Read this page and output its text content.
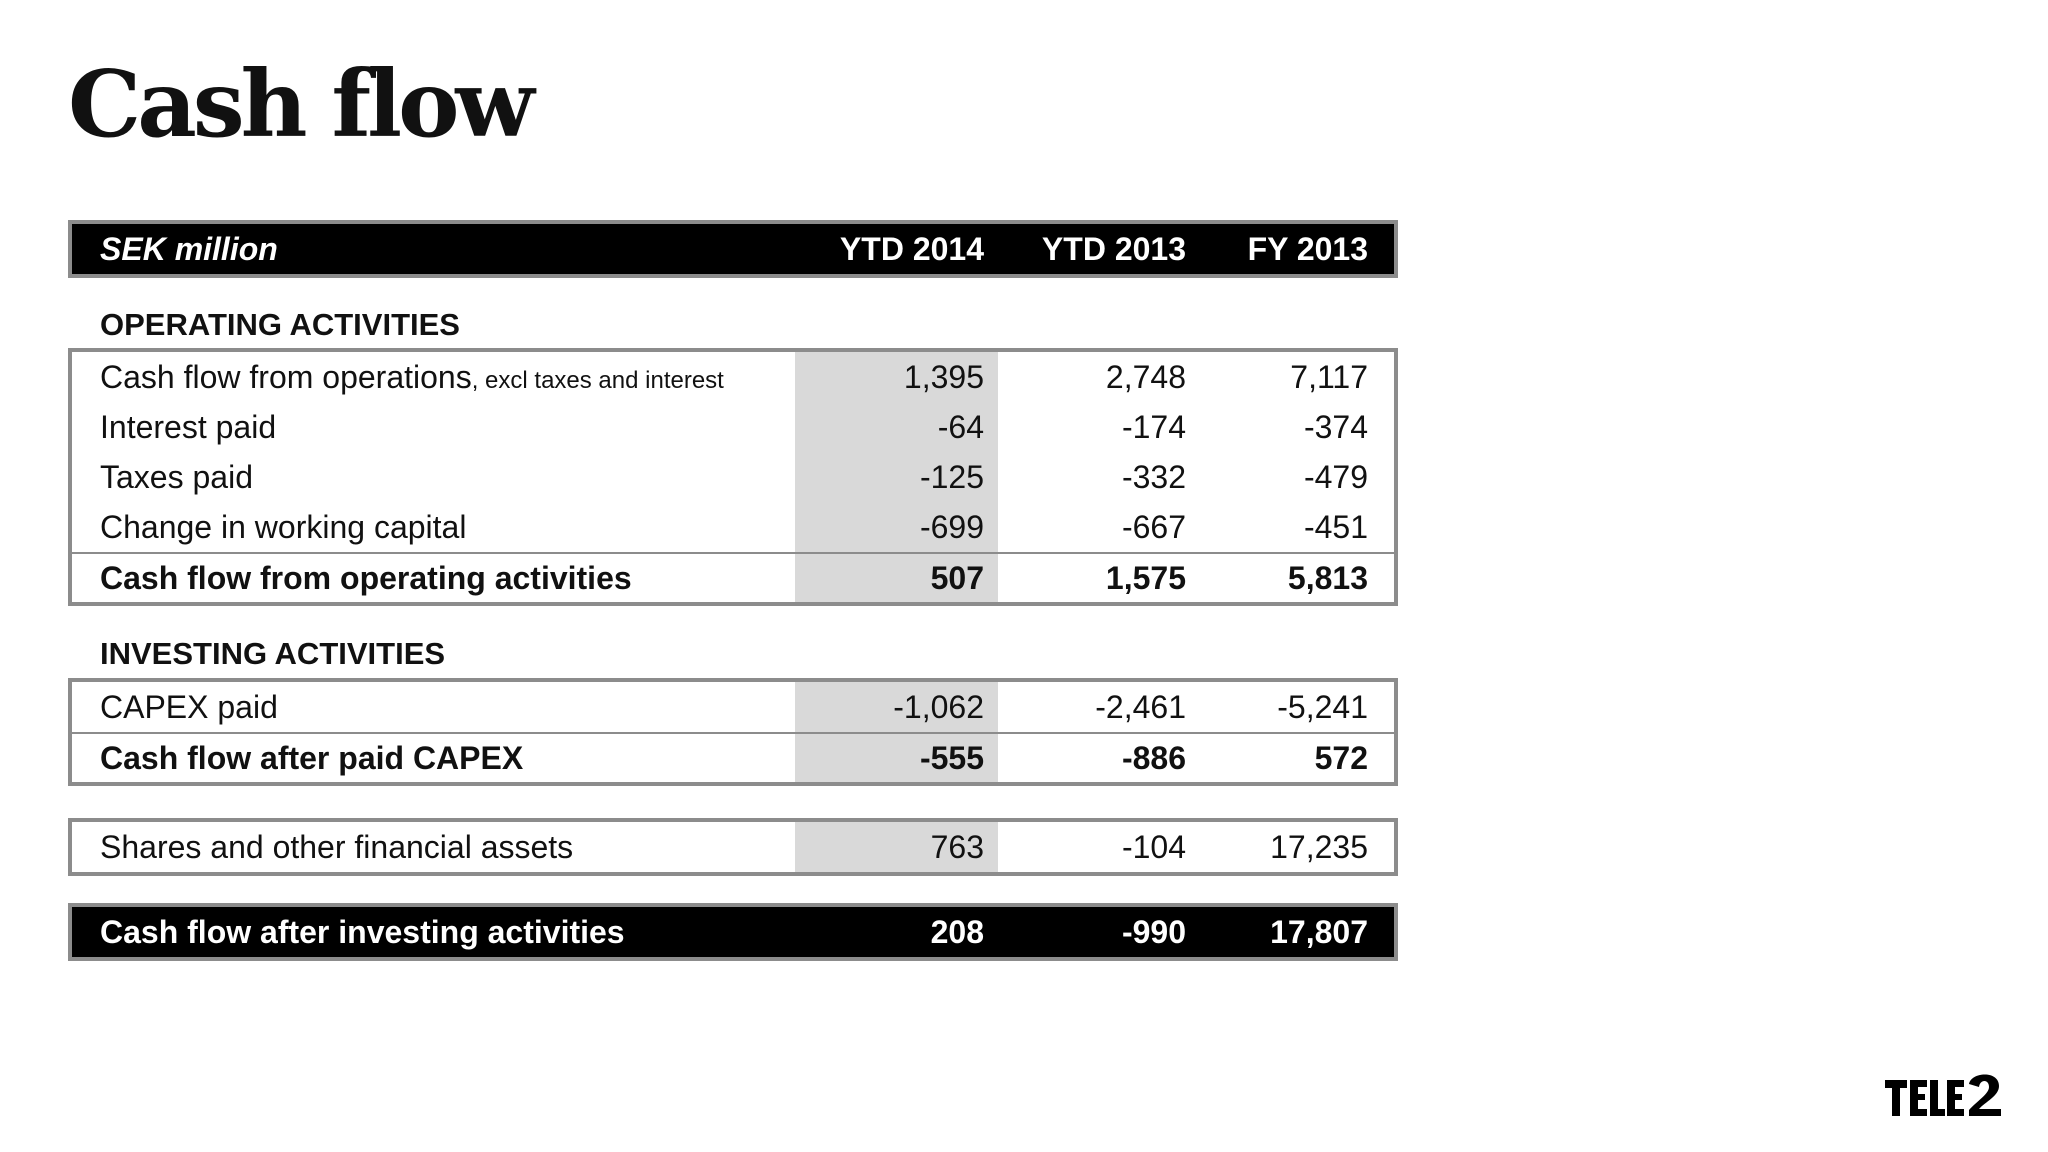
Cash flow
SEK million	YTD 2014	YTD 2013	FY 2013
OPERATING ACTIVITIES
Cash flow from operations, excl taxes and interest	1,395	2,748	7,117
Interest paid	-64	-174	-374
Taxes paid	-125	-332	-479
Change in working capital	-699	-667	-451
Cash flow from operating activities	507	1,575	5,813
INVESTING ACTIVITIES
CAPEX paid	-1,062	-2,461	-5,241
Cash flow after paid CAPEX	-555	-886	572
Shares and other financial assets	763	-104	17,235
Cash flow after investing activities	208	-990	17,807
